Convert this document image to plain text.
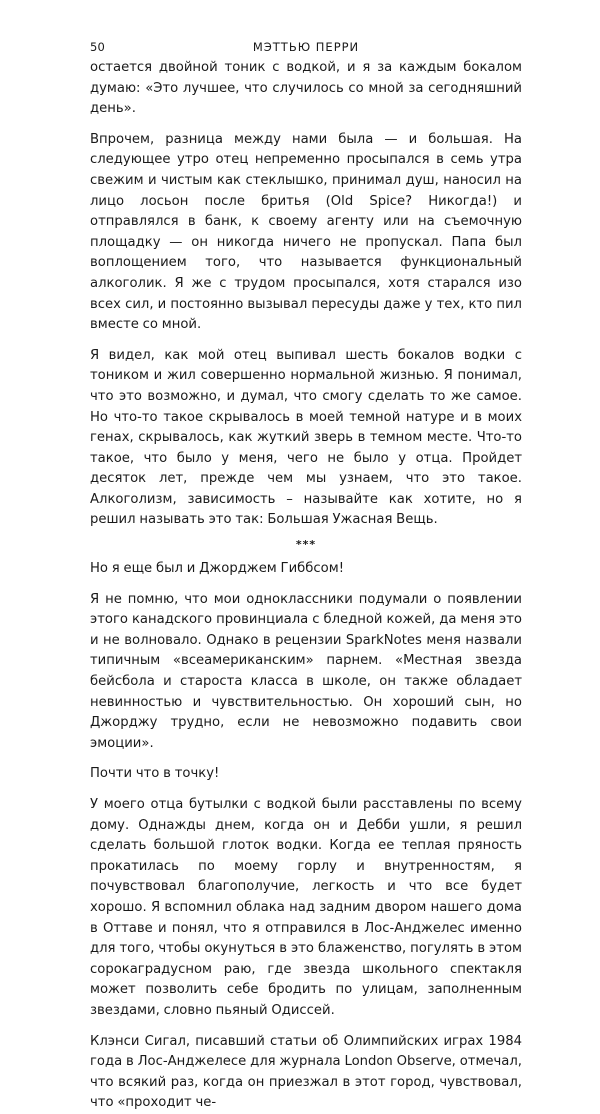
50	МЭТТЬЮ ПЕРРИ

остается двойной тоник с водкой, и я за каждым бокалом думаю: «Это лучшее, что случилось со мной за сегодняшний день».

Впрочем, разница между нами была — и большая. На следующее утро отец непременно просыпался в семь утра свежим и чистым как стеклышко, принимал душ, наносил на лицо лосьон после бритья (Old Spice? Никогда!) и отправлялся в банк, к своему агенту или на съемочную площадку — он никогда ничего не пропускал. Папа был воплощением того, что называется функциональный алкоголик. Я же с трудом просыпался, хотя старался изо всех сил, и постоянно вызывал пересуды даже у тех, кто пил вместе со мной.

Я видел, как мой отец выпивал шесть бокалов водки с тоником и жил совершенно нормальной жизнью. Я понимал, что это возможно, и думал, что смогу сделать то же самое. Но что-то такое скрывалось в моей темной натуре и в моих генах, скрывалось, как жуткий зверь в темном месте. Что-то такое, что было у меня, чего не было у отца. Пройдет десяток лет, прежде чем мы узнаем, что это такое. Алкоголизм, зависимость – называйте как хотите, но я решил называть это так: Большая Ужасная Вещь.

***

Но я еще был и Джорджем Гиббсом!

Я не помню, что мои одноклассники подумали о появлении этого канадского провинциала с бледной кожей, да меня это и не волновало. Однако в рецензии SparkNotes меня назвали типичным «всеамериканским» парнем. «Местная звезда бейсбола и староста класса в школе, он также обладает невинностью и чувствительностью. Он хороший сын, но Джорджу трудно, если не невозможно подавить свои эмоции».

Почти что в точку!

У моего отца бутылки с водкой были расставлены по всему дому. Однажды днем, когда он и Дебби ушли, я решил сделать большой глоток водки. Когда ее теплая пряность прокатилась по моему горлу и внутренностям, я почувствовал благополучие, легкость и что все будет хорошо. Я вспомнил облака над задним двором нашего дома в Оттаве и понял, что я отправился в Лос-Анджелес именно для того, чтобы окунуться в это блаженство, погулять в этом сорокаградусном раю, где звезда школьного спектакля может позволить себе бродить по улицам, заполненным звездами, словно пьяный Одиссей.

Клэнси Сигал, писавший статьи об Олимпийских играх 1984 года в Лос-Анджелесе для журнала London Observe, отмечал, что всякий раз, когда он приезжал в этот город, чувствовал, что «проходит че-
